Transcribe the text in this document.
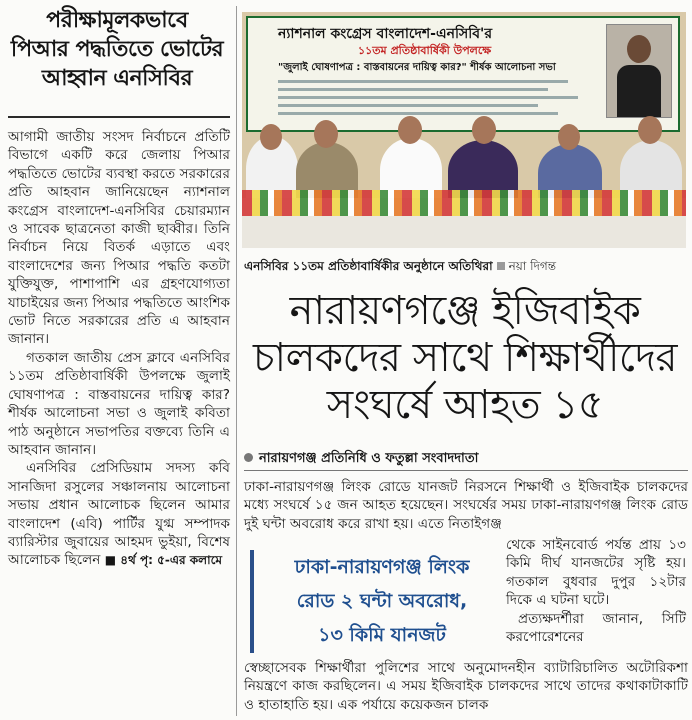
পরীক্ষামূলকভাবে
পিআর পদ্ধতিতে ভোটের
আহ্বান এনসিবির

আগামী জাতীয় সংসদ নির্বাচনে প্রতিটি বিভাগে একটি করে জেলায় পিআর পদ্ধতিতে ভোটের ব্যবস্থা করতে সরকারের প্রতি আহবান জানিয়েছেন ন্যাশনাল কংগ্রেস বাংলাদেশ-এনসিবির চেয়ারম্যান ও সাবেক ছাত্রনেতা কাজী ছাব্বীর। তিনি নির্বাচন নিয়ে বিতর্ক এড়াতে এবং বাংলাদেশের জন্য পিআর পদ্ধতি কতটা যুক্তিযুক্ত, পাশাপাশি এর গ্রহণযোগ্যতা যাচাইয়ের জন্য পিআর পদ্ধতিতে আংশিক ভোট নিতে সরকারের প্রতি এ আহবান জানান।

গতকাল জাতীয় প্রেস ক্লাবে এনসিবির ১১তম প্রতিষ্ঠাবার্ষিকী উপলক্ষে জুলাই ঘোষণাপত্র : বাস্তবায়নের দায়িত্ব কার? শীর্ষক আলোচনা সভা ও জুলাই কবিতা পাঠ অনুষ্ঠানে সভাপতির বক্তব্যে তিনি এ আহবান জানান।

এনসিবির প্রেসিডিয়াম সদস্য কবি সানজিদা রসুলের সঞ্চালনায় আলোচনা সভায় প্রধান আলোচক ছিলেন আমার বাংলাদেশ (এবি) পার্টির যুগ্ম সম্পাদক ব্যারিস্টার জুবায়ের আহমদ ভুইয়া, বিশেষ আলোচক ছিলেন ■ ৪র্থ পৃ: ৫-এর কলামে

ন্যাশনাল কংগ্রেস বাংলাদেশ-এনসিবি'র
১১তম প্রতিষ্ঠাবার্ষিকী উপলক্ষে
"জুলাই ঘোষণাপত্র : বাস্তবায়নের দায়িত্ব কার?" শীর্ষক আলোচনা সভা
এনসিবির ১১তম প্রতিষ্ঠাবার্ষিকীর অনুষ্ঠানে অতিথিরা নয়া দিগন্ত
নারায়ণগঞ্জে ইজিবাইক
চালকদের সাথে শিক্ষার্থীদের
সংঘর্ষে আহত ১৫
নারায়ণগঞ্জ প্রতিনিধি ও ফতুল্লা সংবাদদাতা
ঢাকা-নারায়ণগঞ্জ লিংক রোডে যানজট নিরসনে শিক্ষার্থী ও ইজিবাইক চালকদের মধ্যে সংঘর্ষে ১৫ জন আহত হয়েছেন। সংঘর্ষের সময় ঢাকা-নারায়ণগঞ্জ লিংক রোড দুই ঘন্টা অবরোধ করে রাখা হয়। এতে নিতাইগঞ্জ
ঢাকা-নারায়ণগঞ্জ লিংক
রোড ২ ঘন্টা অবরোধ,
১৩ কিমি যানজট

থেকে সাইনবোর্ড পর্যন্ত প্রায় ১৩ কিমি দীর্ঘ যানজটের সৃষ্টি হয়। গতকাল বুধবার দুপুর ১২টার দিকে এ ঘটনা ঘটে।

প্রত্যক্ষদর্শীরা জানান, সিটি করপোরেশনের

স্বেচ্ছাসেবক শিক্ষার্থীরা পুলিশের সাথে অনুমোদনহীন ব্যাটারিচালিত অটোরিকশা নিয়ন্ত্রণে কাজ করছিলেন। এ সময় ইজিবাইক চালকদের সাথে তাদের কথাকাটাকাটি ও হাতাহাতি হয়। এক পর্যায়ে কয়েকজন চালক
